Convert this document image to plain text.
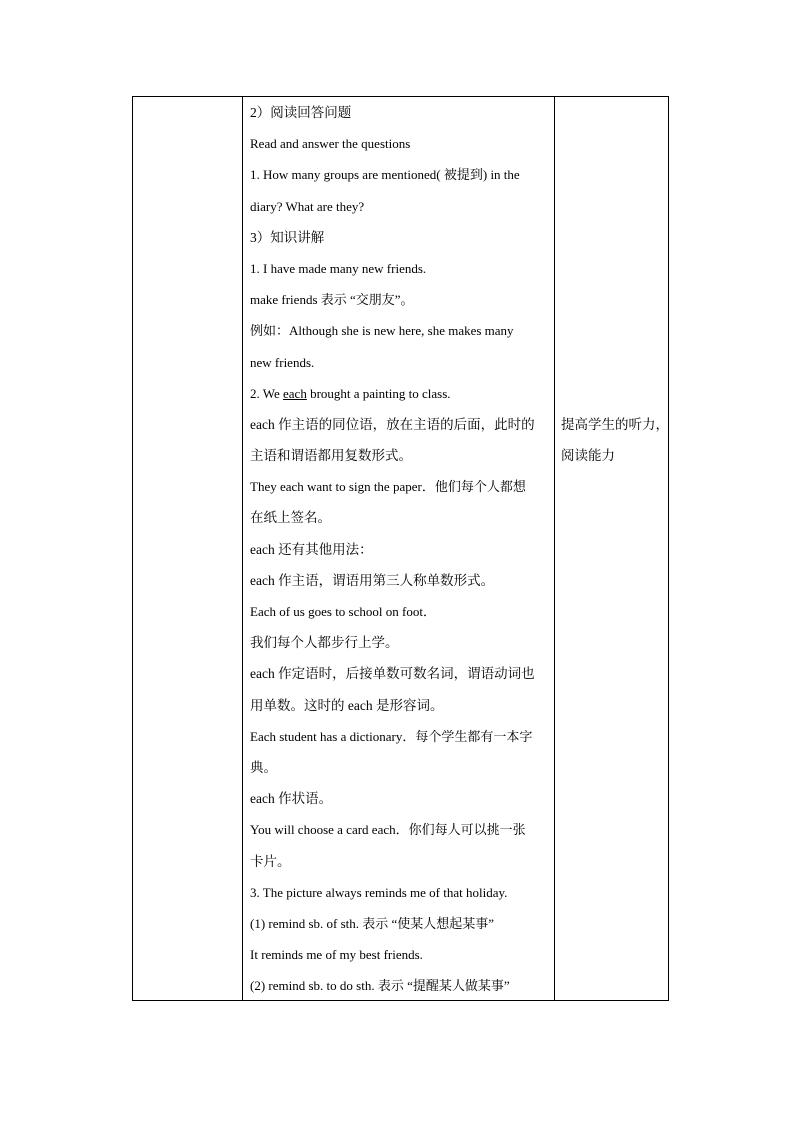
2）阅读回答问题
Read and answer the questions
1. How many groups are mentioned( 被提到) in the
diary? What are they?
3）知识讲解
1. I have made many new friends.
make friends 表示 “交朋友”。
例如：Although she is new here, she makes many
new friends.
2. We each brought a painting to class.
each 作主语的同位语，放在主语的后面，此时的
主语和谓语都用复数形式。
They each want to sign the paper．他们每个人都想
在纸上签名。
each 还有其他用法：
each 作主语，谓语用第三人称单数形式。
Each of us goes to school on foot．
我们每个人都步行上学。
each 作定语时，后接单数可数名词，谓语动词也
用单数。这时的 each 是形容词。
Each student has a dictionary．每个学生都有一本字
典。
each 作状语。
You will choose a card each．你们每人可以挑一张
卡片。
3. The picture always reminds me of that holiday.
(1) remind sb. of sth. 表示 “使某人想起某事”
It reminds me of my best friends.
(2) remind sb. to do sth. 表示 “提醒某人做某事”
提高学生的听力，
阅读能力
